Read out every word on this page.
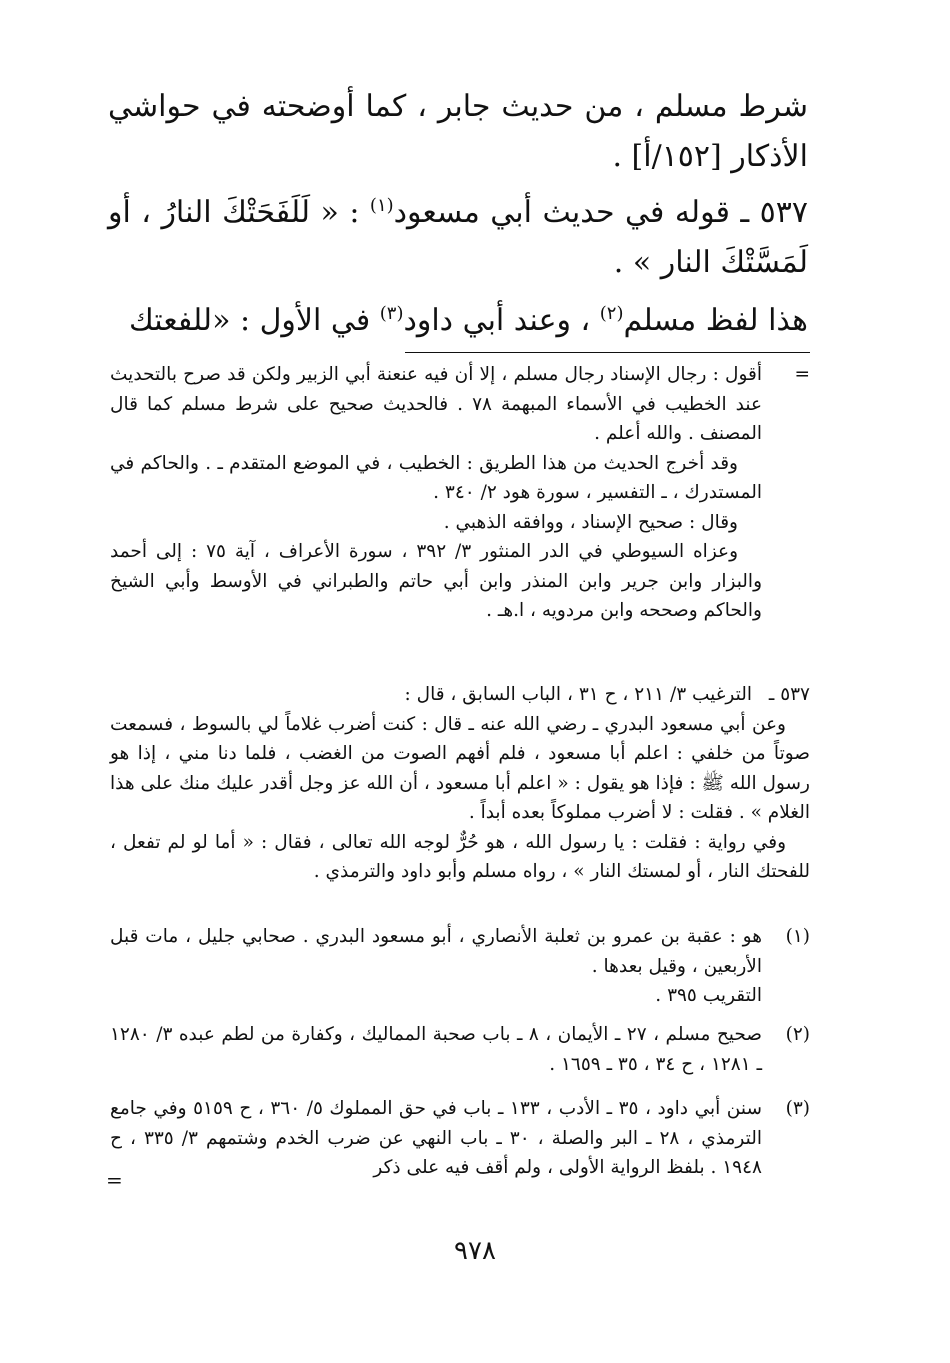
شرط مسلم ، من حديث جابر ، كما أوضحته في حواشي الأذكار [١٥٢/أ] .

٥٣٧ ـ قوله في حديث أبي مسعود$^{(١)}$ : « لَلَفَحَتْكَ النارُ ، أو لَمَسَّتْكَ النار » .

هذا لفظ مسلم$^{(٢)}$ ، وعند أبي داود$^{(٣)}$ في الأول : «للفعتك

=

أقول : رجال الإسناد رجال مسلم ، إلا أن فيه عنعنة أبي الزبير ولكن قد صرح بالتحديث عند الخطيب في الأسماء المبهمة ٧٨ . فالحديث صحيح على شرط مسلم كما قال المصنف . والله أعلم .

وقد أخرج الحديث من هذا الطريق : الخطيب ، في الموضع المتقدم ـ . والحاكم في المستدرك ، ـ التفسير ، سورة هود ٢/ ٣٤٠ .

وقال : صحيح الإسناد ، ووافقه الذهبي .

وعزاه السيوطي في الدر المنثور ٣/ ٣٩٢ ، سورة الأعراف ، آية ٧٥ : إلى أحمد والبزار وابن جرير وابن المنذر وابن أبي حاتم والطبراني في الأوسط وأبي الشيخ والحاكم وصححه وابن مردويه ، ا.هـ .

٥٣٧ ـ

الترغيب ٣/ ٢١١ ، ح ٣١ ، الباب السابق ، قال :

وعن أبي مسعود البدري ـ رضي الله عنه ـ قال : كنت أضرب غلاماً لي بالسوط ، فسمعت صوتاً من خلفي : اعلم أبا مسعود ، فلم أفهم الصوت من الغضب ، فلما دنا مني ، إذا هو رسول الله ﷺ : فإذا هو يقول : « اعلم أبا مسعود ، أن الله عز وجل أقدر عليك منك على هذا الغلام » . فقلت : لا أضرب مملوكاً بعده أبداً .

وفي رواية : فقلت : يا رسول الله ، هو حُرٌّ لوجه الله تعالى ، فقال : « أما لو لم تفعل ، للفحتك النار ، أو لمستك النار » ، رواه مسلم وأبو داود والترمذي .

(١)

هو : عقبة بن عمرو بن ثعلبة الأنصاري ، أبو مسعود البدري . صحابي جليل ، مات قبل الأربعين ، وقيل بعدها .

التقريب ٣٩٥ .

(٢)

صحيح مسلم ، ٢٧ ـ الأيمان ، ٨ ـ باب صحبة المماليك ، وكفارة من لطم عبده ٣/ ١٢٨٠ ـ ١٢٨١ ، ح ٣٤ ، ٣٥ ـ ١٦٥٩ .

(٣)

سنن أبي داود ، ٣٥ ـ الأدب ، ١٣٣ ـ باب في حق المملوك ٥/ ٣٦٠ ، ح ٥١٥٩ وفي جامع الترمذي ، ٢٨ ـ البر والصلة ، ٣٠ ـ باب النهي عن ضرب الخدم وشتمهم ٣/ ٣٣٥ ، ح ١٩٤٨ . بلفظ الرواية الأولى ، ولم أقف فيه على ذكر

=
٩٧٨
